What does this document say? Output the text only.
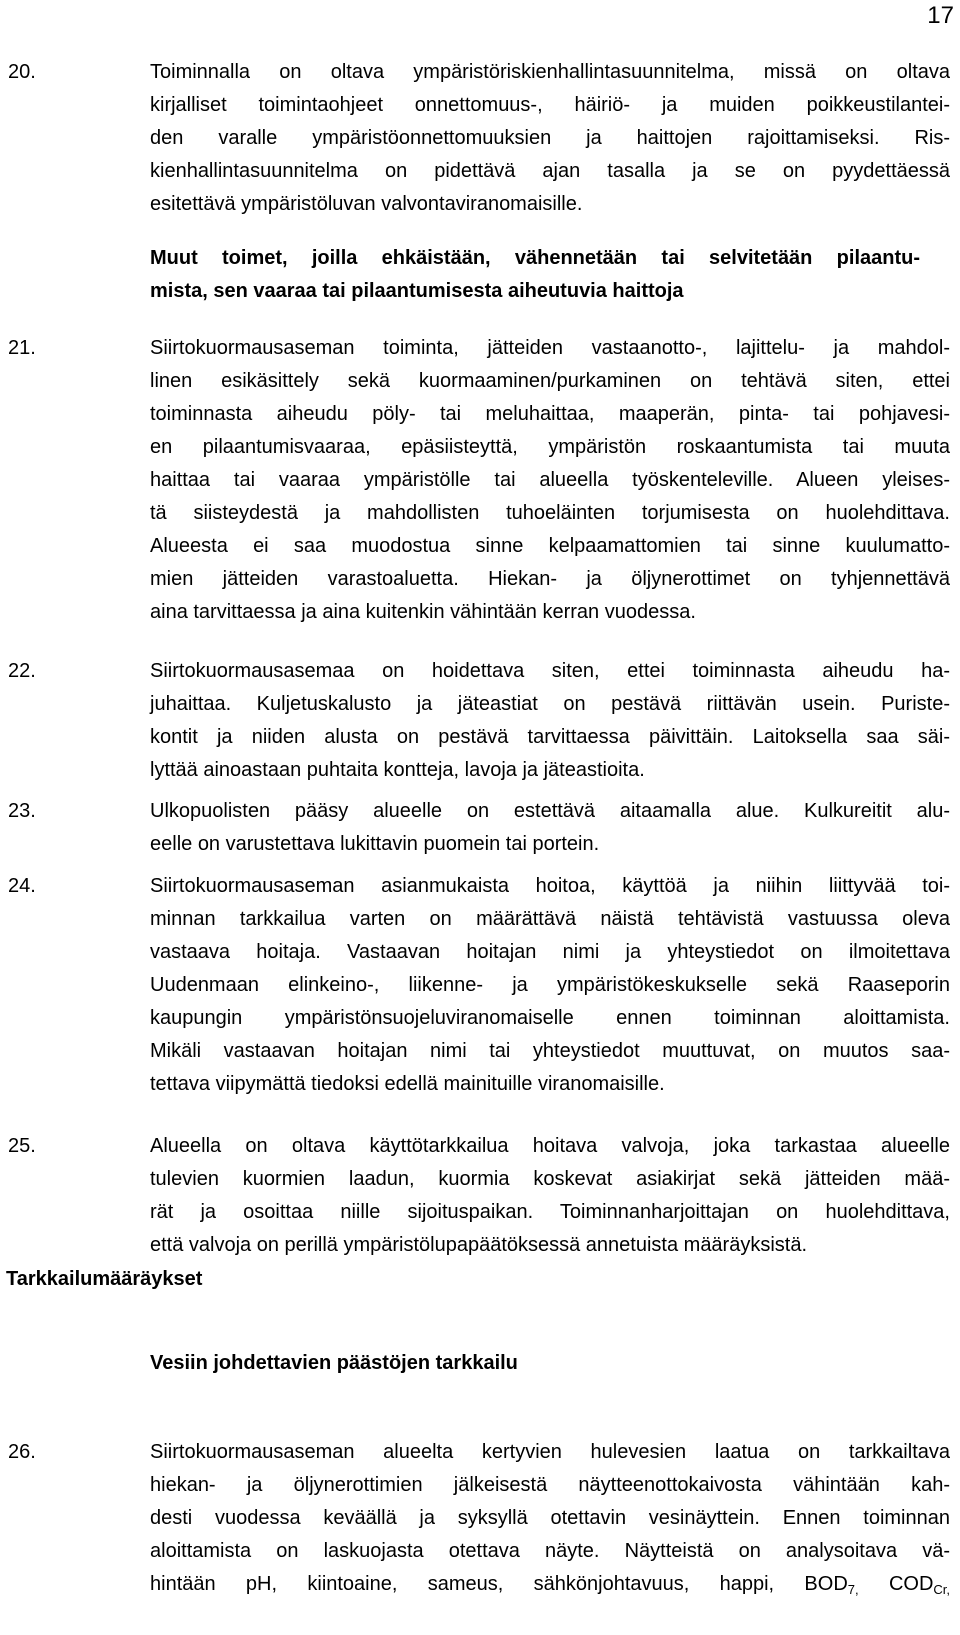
17
20.	Toiminnalla on oltava ympäristöriskienhallintasuunnitelma, missä on oltava
kirjalliset toimintaohjeet onnettomuus-, häiriö- ja muiden poikkeustilantei-
den varalle ympäristöonnettomuuksien ja haittojen rajoittamiseksi. Ris-
kienhallintasuunnitelma on pidettävä ajan tasalla ja se on pyydettäessä
esitettävä ympäristöluvan valvontaviranomaisille.
Muut toimet, joilla ehkäistään, vähennetään tai selvitetään pilaantu-
mista, sen vaaraa tai pilaantumisesta aiheutuvia haittoja
21.	Siirtokuormausaseman toiminta, jätteiden vastaanotto-, lajittelu- ja mahdol-
linen esikäsittely sekä kuormaaminen/purkaminen on tehtävä siten, ettei
toiminnasta aiheudu pöly- tai meluhaittaa, maaperän, pinta- tai pohjavesi-
en pilaantumisvaaraa, epäsiisteyttä, ympäristön roskaantumista tai muuta
haittaa tai vaaraa ympäristölle tai alueella työskenteleville. Alueen yleises-
tä siisteydestä ja mahdollisten tuhoeläinten torjumisesta on huolehdittava.
Alueesta ei saa muodostua sinne kelpaamattomien tai sinne kuulumatto-
mien jätteiden varastoaluetta. Hiekan- ja öljynerottimet on tyhjennettävä
aina tarvittaessa ja aina kuitenkin vähintään kerran vuodessa.
22.	Siirtokuormausasemaa on hoidettava siten, ettei toiminnasta aiheudu ha-
juhaittaa. Kuljetuskalusto ja jäteastiat on pestävä riittävän usein. Puriste-
kontit ja niiden alusta on pestävä tarvittaessa päivittäin. Laitoksella saa säi-
lyttää ainoastaan puhtaita kontteja, lavoja ja jäteastioita.
23.	Ulkopuolisten pääsy alueelle on estettävä aitaamalla alue. Kulkureitit alu-
eelle on varustettava lukittavin puomein tai portein.
24.	Siirtokuormausaseman asianmukaista hoitoa, käyttöä ja niihin liittyvää toi-
minnan tarkkailua varten on määrättävä näistä tehtävistä vastuussa oleva
vastaava hoitaja. Vastaavan hoitajan nimi ja yhteystiedot on ilmoitettava
Uudenmaan elinkeino-, liikenne- ja ympäristökeskukselle sekä Raaseporin
kaupungin ympäristönsuojeluviranomaiselle ennen toiminnan aloittamista.
Mikäli vastaavan hoitajan nimi tai yhteystiedot muuttuvat, on muutos saa-
tettava viipymättä tiedoksi edellä mainituille viranomaisille.
25.	Alueella on oltava käyttötarkkailua hoitava valvoja, joka tarkastaa alueelle
tulevien kuormien laadun, kuormia koskevat asiakirjat sekä jätteiden mää-
rät ja osoittaa niille sijoituspaikan. Toiminnanharjoittajan on huolehdittava,
että valvoja on perillä ympäristölupapäätöksessä annetuista määräyksistä.
Tarkkailumääräykset
Vesiin johdettavien päästöjen tarkkailu
26.	Siirtokuormausaseman alueelta kertyvien hulevesien laatua on tarkkailtava
hiekan- ja öljynerottimien jälkeisestä näytteenottokaivosta vähintään kah-
desti vuodessa keväällä ja syksyllä otettavin vesinäyttein. Ennen toiminnan
aloittamista on laskuojasta otettava näyte. Näytteistä on analysoitava vä-
hintään pH, kiintoaine, sameus, sähkönjohtavuus, happi, $BOD_{7,}$ $COD_{Cr,}$
